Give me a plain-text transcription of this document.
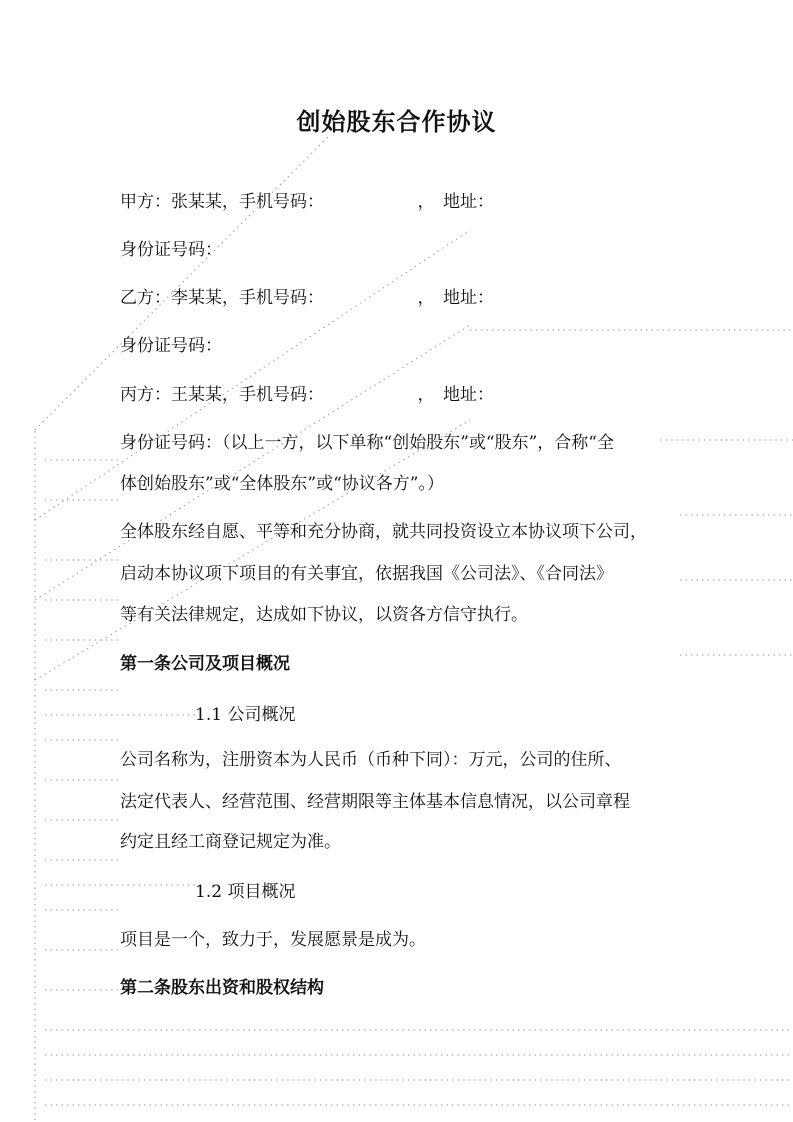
创始股东合作协议
甲方：张某某，手机号码：　　　　　　，　地址：
身份证号码：
乙方：李某某，手机号码：　　　　　　，　地址：
身份证号码：
丙方：王某某，手机号码：　　　　　　，　地址：
身份证号码：（以上一方，以下单称“创始股东”或“股东”，合称“全
体创始股东”或“全体股东”或“协议各方”。）
全体股东经自愿、平等和充分协商，就共同投资设立本协议项下公司，
启动本协议项下项目的有关事宜，依据我国《公司法》、《合同法》
等有关法律规定，达成如下协议，以资各方信守执行。
第一条公司及项目概况
1.1 公司概况
公司名称为，注册资本为人民币（币种下同）：万元，公司的住所、
法定代表人、经营范围、经营期限等主体基本信息情况，以公司章程
约定且经工商登记规定为准。
1.2 项目概况
项目是一个，致力于，发展愿景是成为。
第二条股东出资和股权结构
